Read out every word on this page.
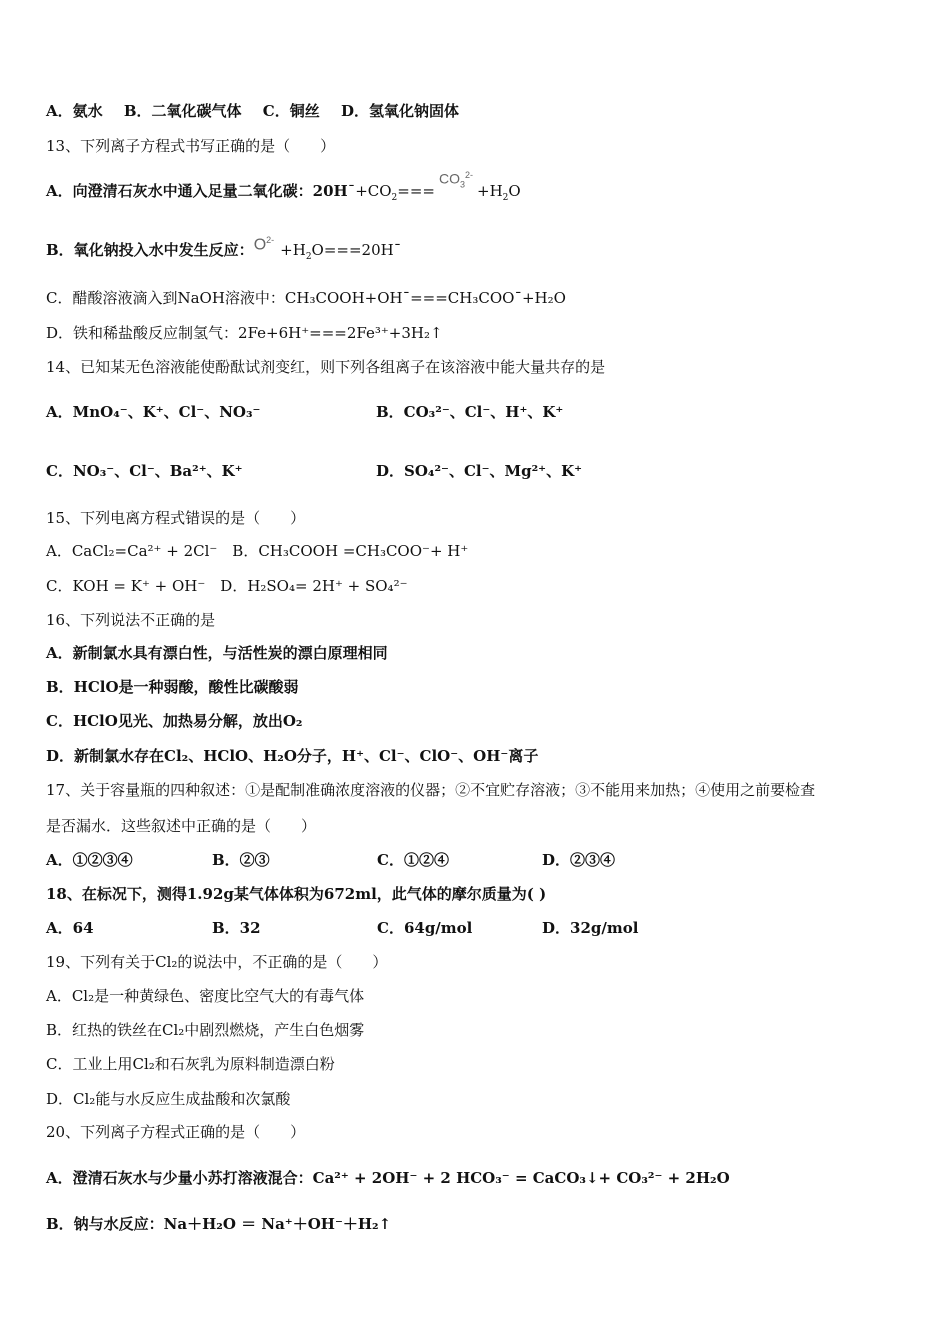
A．氨水 B．二氧化碳气体 C．铜丝 D．氢氧化钠固体
13、下列离子方程式书写正确的是（　　）
A．向澄清石灰水中通入足量二氧化碳：$20H¯+CO_2===CO_3^{2-}+H_2O$
B．氧化钠投入水中发生反应：$O^{2-}+H_2O===20H¯$
C．醋酸溶液滴入到NaOH溶液中：CH₃COOH+OH¯===CH₃COO¯+H₂O
D．铁和稀盐酸反应制氢气：2Fe+6H⁺===2Fe³⁺+3H₂↑
14、已知某无色溶液能使酚酞试剂变红，则下列各组离子在该溶液中能大量共存的是
A．MnO₄⁻、K⁺、Cl⁻、NO₃⁻	B．CO₃²⁻、Cl⁻、H⁺、K⁺
C．NO₃⁻、Cl⁻、Ba²⁺、K⁺	D．SO₄²⁻、Cl⁻、Mg²⁺、K⁺
15、下列电离方程式错误的是（　　）
A．CaCl₂=Ca²⁺ + 2Cl⁻　B．CH₃COOH =CH₃COO⁻+ H⁺
C．KOH = K⁺ + OH⁻　D．H₂SO₄= 2H⁺ + SO₄²⁻
16、下列说法不正确的是
A．新制氯水具有漂白性，与活性炭的漂白原理相同
B．HClO是一种弱酸，酸性比碳酸弱
C．HClO见光、加热易分解，放出O₂
D．新制氯水存在Cl₂、HClO、H₂O分子，H⁺、Cl⁻、ClO⁻、OH⁻离子
17、关于容量瓶的四种叙述：①是配制准确浓度溶液的仪器；②不宜贮存溶液；③不能用来加热；④使用之前要检查
是否漏水．这些叙述中正确的是（　　）
A．①②③④	B．②③	C．①②④	D．②③④
18、在标况下，测得1.92g某气体体积为672ml，此气体的摩尔质量为( )
A．64	B．32	C．64g/mol	D．32g/mol
19、下列有关于Cl₂的说法中，不正确的是（　　）
A．Cl₂是一种黄绿色、密度比空气大的有毒气体
B．红热的铁丝在Cl₂中剧烈燃烧，产生白色烟雾
C．工业上用Cl₂和石灰乳为原料制造漂白粉
D．Cl₂能与水反应生成盐酸和次氯酸
20、下列离子方程式正确的是（　　）
A．澄清石灰水与少量小苏打溶液混合：Ca²⁺ + 2OH⁻ + 2 HCO₃⁻ = CaCO₃↓+ CO₃²⁻ + 2H₂O
B．钠与水反应：Na＋H₂O ＝ Na⁺＋OH⁻＋H₂↑
